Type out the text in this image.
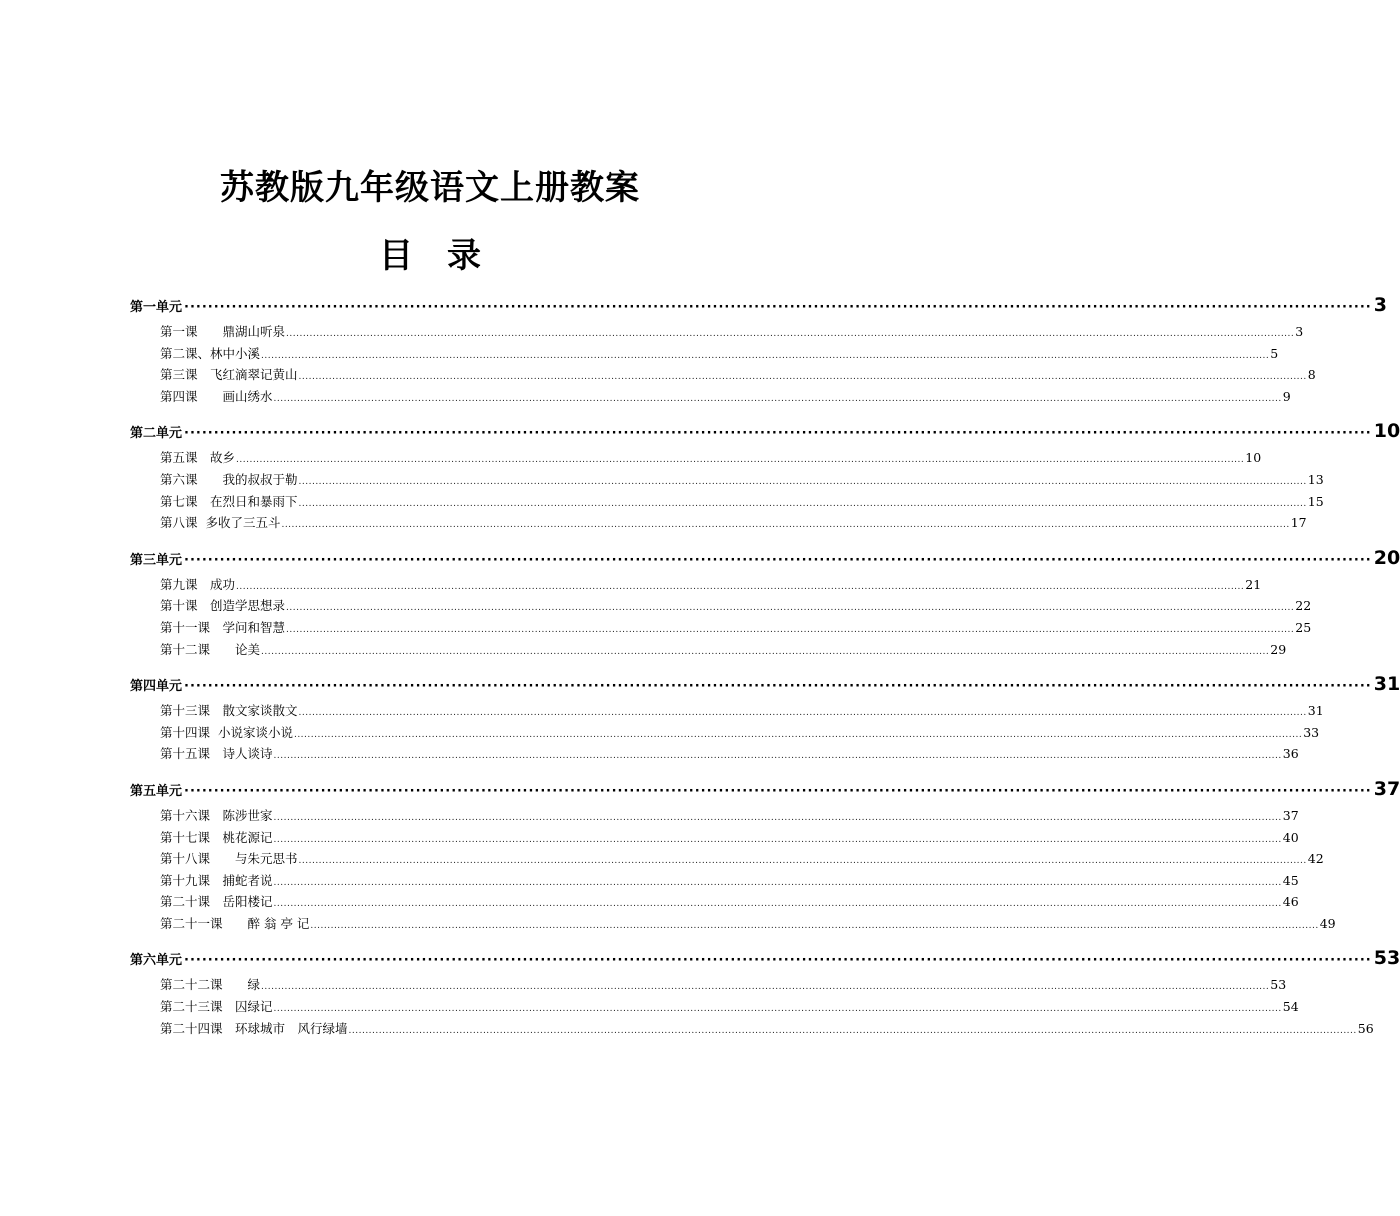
苏教版九年级语文上册教案
目　录
第一单元 ········································································································································································································ 3
第一课　　鼎湖山听泉 ............................................................................................................................................................................................................................................................................................................ 3
第二课、林中小溪 ............................................................................................................................................................................................................................................................................................................ 5
第三课　飞红滴翠记黄山 ............................................................................................................................................................................................................................................................................................................ 8
第四课　　画山绣水 ............................................................................................................................................................................................................................................................................................................ 9
第二单元 ········································································································································································································ 10
第五课　故乡 ............................................................................................................................................................................................................................................................................................................ 10
第六课　　我的叔叔于勒 ............................................................................................................................................................................................................................................................................................................ 13
第七课　在烈日和暴雨下 ............................................................................................................................................................................................................................................................................................................ 15
第八课  多收了三五斗 ............................................................................................................................................................................................................................................................................................................ 17
第三单元 ········································································································································································································ 20
第九课　成功 ............................................................................................................................................................................................................................................................................................................ 21
第十课　创造学思想录 ............................................................................................................................................................................................................................................................................................................ 22
第十一课　学问和智慧 ............................................................................................................................................................................................................................................................................................................ 25
第十二课　　论美 ............................................................................................................................................................................................................................................................................................................ 29
第四单元 ········································································································································································································ 31
第十三课　散文家谈散文 ............................................................................................................................................................................................................................................................................................................ 31
第十四课  小说家谈小说 ............................................................................................................................................................................................................................................................................................................ 33
第十五课　诗人谈诗 ............................................................................................................................................................................................................................................................................................................ 36
第五单元 ········································································································································································································ 37
第十六课　陈涉世家 ............................................................................................................................................................................................................................................................................................................ 37
第十七课　桃花源记 ............................................................................................................................................................................................................................................................................................................ 40
第十八课　　与朱元思书 ............................................................................................................................................................................................................................................................................................................ 42
第十九课　捕蛇者说 ............................................................................................................................................................................................................................................................................................................ 45
第二十课　岳阳楼记 ............................................................................................................................................................................................................................................................................................................ 46
第二十一课　　醉 翁 亭 记 ............................................................................................................................................................................................................................................................................................................ 49
第六单元 ········································································································································································································ 53
第二十二课　　绿 ............................................................................................................................................................................................................................................................................................................ 53
第二十三课　囚绿记 ............................................................................................................................................................................................................................................................................................................ 54
第二十四课　环球城市　风行绿墙 ............................................................................................................................................................................................................................................................................................................ 56
